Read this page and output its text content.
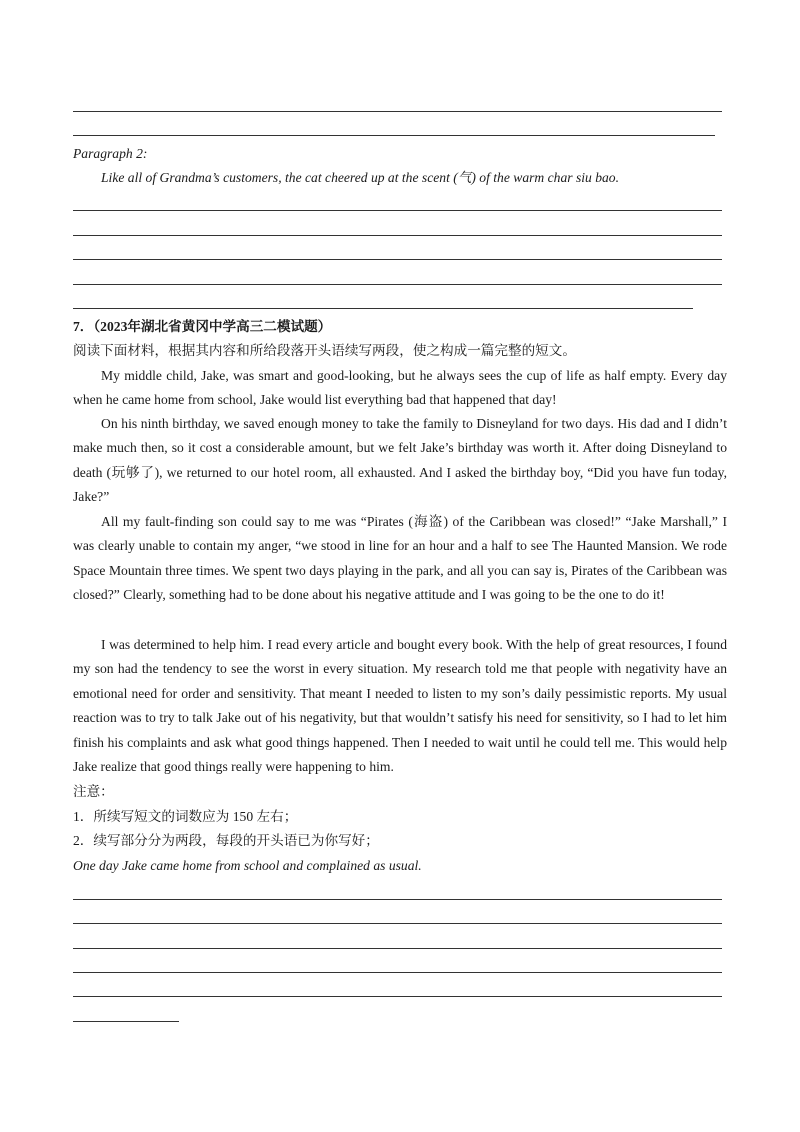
Paragraph 2:

Like all of Grandma’s customers, the cat cheered up at the scent (气) of the warm char siu bao.

7．（2023年湖北省黄冈中学高三二模试题）

阅读下面材料，根据其内容和所给段落开头语续写两段，使之构成一篇完整的短文。

My middle child, Jake, was smart and good-looking, but he always sees the cup of life as half empty. Every day when he came home from school, Jake would list everything bad that happened that day!

On his ninth birthday, we saved enough money to take the family to Disneyland for two days. His dad and I didn’t make much then, so it cost a considerable amount, but we felt Jake’s birthday was worth it. After doing Disneyland to death (玩够了), we returned to our hotel room, all exhausted. And I asked the birthday boy, “Did you have fun today, Jake?”

All my fault-finding son could say to me was “Pirates (海盗) of the Caribbean was closed!” “Jake Marshall,” I was clearly unable to contain my anger, “we stood in line for an hour and a half to see The Haunted Mansion. We rode Space Mountain three times. We spent two days playing in the park, and all you can say is, Pirates of the Caribbean was closed?” Clearly, something had to be done about his negative attitude and I was going to be the one to do it!

I was determined to help him. I read every article and bought every book. With the help of great resources, I found my son had the tendency to see the worst in every situation. My research told me that people with negativity have an emotional need for order and sensitivity. That meant I needed to listen to my son’s daily pessimistic reports. My usual reaction was to try to talk Jake out of his negativity, but that wouldn’t satisfy his need for sensitivity, so I had to let him finish his complaints and ask what good things happened. Then I needed to wait until he could tell me. This would help Jake realize that good things really were happening to him.

注意：

1．所续写短文的词数应为 150 左右；

2．续写部分分为两段，每段的开头语已为你写好；

One day Jake came home from school and complained as usual.
